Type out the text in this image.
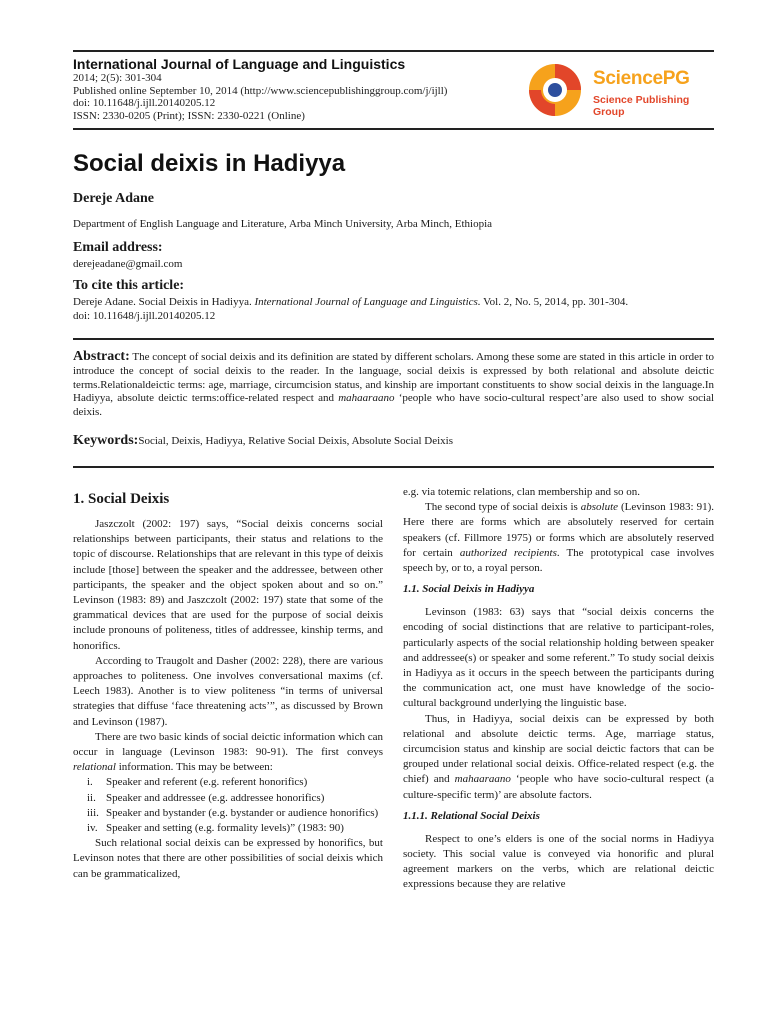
International Journal of Language and Linguistics
2014; 2(5): 301-304
Published online September 10, 2014 (http://www.sciencepublishinggroup.com/j/ijll)
doi: 10.11648/j.ijll.20140205.12
ISSN: 2330-0205 (Print); ISSN: 2330-0221 (Online)
SciencePG
Science Publishing Group
Social deixis in Hadiyya
Dereje Adane
Department of English Language and Literature, Arba Minch University, Arba Minch, Ethiopia
Email address:
derejeadane@gmail.com
To cite this article:
Dereje Adane. Social Deixis in Hadiyya. International Journal of Language and Linguistics. Vol. 2, No. 5, 2014, pp. 301-304.
doi: 10.11648/j.ijll.20140205.12
Abstract: The concept of social deixis and its definition are stated by different scholars. Among these some are stated in this article in order to introduce the concept of social deixis to the reader. In the language, social deixis is expressed by both relational and absolute deictic terms.Relationaldeictic terms: age, marriage, circumcision status, and kinship are important constituents to show social deixis in the language.In Hadiyya, absolute deictic terms:office-related respect and mahaaraano ‘people who have socio-cultural respect’are also used to show social deixis.
Keywords:Social, Deixis, Hadiyya, Relative Social Deixis, Absolute Social Deixis
1. Social Deixis

Jaszczolt (2002: 197) says, “Social deixis concerns social relationships between participants, their status and relations to the topic of discourse. Relationships that are relevant in this type of deixis include [those] between the speaker and the addressee, between other participants, the speaker and the object spoken about and so on.” Levinson (1983: 89) and Jaszczolt (2002: 197) state that some of the grammatical devices that are used for the purpose of social deixis include pronouns of politeness, titles of addressee, kinship terms, and honorifics.

According to Traugolt and Dasher (2002: 228), there are various approaches to politeness. One involves conversational maxims (cf. Leech 1983). Another is to view politeness “in terms of universal strategies that diffuse ‘face threatening acts’”, as discussed by Brown and Levinson (1987).

There are two basic kinds of social deictic information which can occur in language (Levinson 1983: 90-91). The first conveys relational information. This may be between:

i. Speaker and referent (e.g. referent honorifics)
ii. Speaker and addressee (e.g. addressee honorifics)
iii. Speaker and bystander (e.g. bystander or audience honorifics)
iv. Speaker and setting (e.g. formality levels)” (1983: 90)

Such relational social deixis can be expressed by honorifics, but Levinson notes that there are other possibilities of social deixis which can be grammaticalized,

e.g. via totemic relations, clan membership and so on.

The second type of social deixis is absolute (Levinson 1983: 91). Here there are forms which are absolutely reserved for certain speakers (cf. Fillmore 1975) or forms which are absolutely reserved for certain authorized recipients. The prototypical case involves speech by, or to, a royal person.

1.1. Social Deixis in Hadiyya

Levinson (1983: 63) says that “social deixis concerns the encoding of social distinctions that are relative to participant-roles, particularly aspects of the social relationship holding between speaker and addressee(s) or speaker and some referent.” To study social deixis in Hadiyya as it occurs in the speech between the participants during the communication act, one must have knowledge of the socio-cultural background underlying the linguistic base.

Thus, in Hadiyya, social deixis can be expressed by both relational and absolute deictic terms. Age, marriage status, circumcision status and kinship are social deictic factors that can be grouped under relational social deixis. Office-related respect (e.g. the chief) and mahaaraano ‘people who have socio-cultural respect (a culture-specific term)’ are absolute factors.

1.1.1. Relational Social Deixis

Respect to one’s elders is one of the social norms in Hadiyya society. This social value is conveyed via honorific and plural agreement markers on the verbs, which are relational deictic expressions because they are relative
